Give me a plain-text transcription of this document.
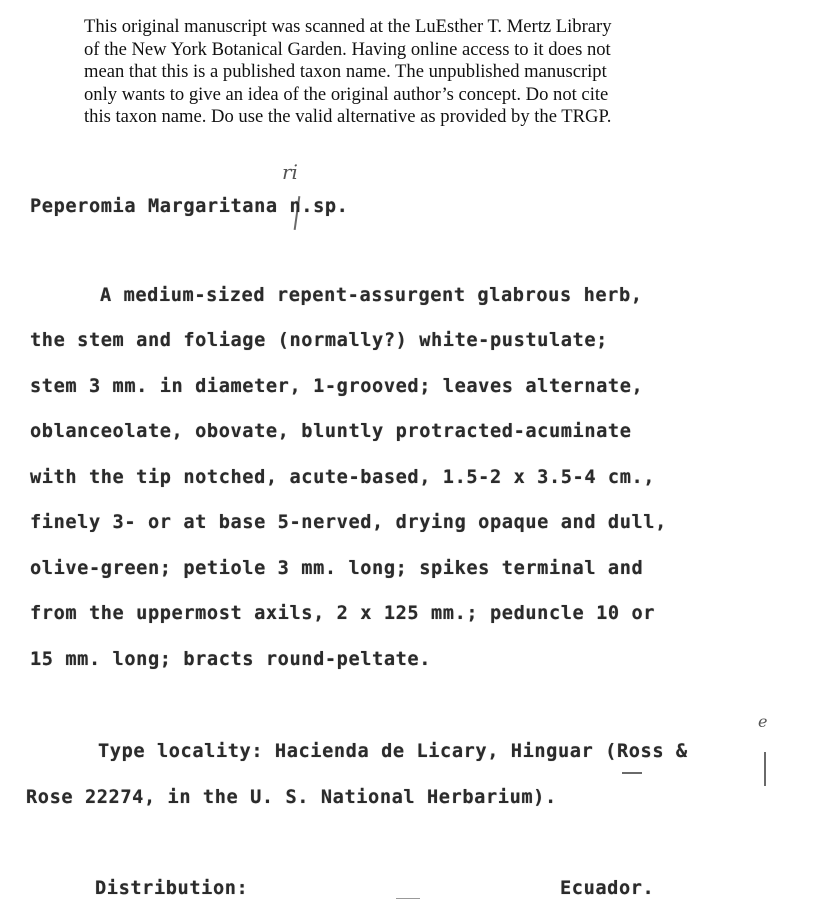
This original manuscript was scanned at the LuEsther T. Mertz Library
of the New York Botanical Garden. Having online access to it does not
mean that this is a published taxon name. The unpublished manuscript
only wants to give an idea of the original author’s concept. Do not cite
this taxon name. Do use the valid alternative as provided by the TRGP.
ri
Peperomia Margaritana n.sp.
A medium-sized repent-assurgent glabrous herb,
the stem and foliage (normally?) white-pustulate;
stem 3 mm. in diameter, 1-grooved; leaves alternate,
oblanceolate, obovate, bluntly protracted-acuminate
with the tip notched, acute-based, 1.5-2 x 3.5-4 cm.,
finely 3- or at base 5-nerved, drying opaque and dull,
olive-green; petiole 3 mm. long; spikes terminal and
from the uppermost axils, 2 x 125 mm.; peduncle 10 or
15 mm. long; bracts round-peltate.
e
Type locality: Hacienda de Licary, Hinguar (Ross &
Rose 22274, in the U. S. National Herbarium).
Distribution:	Ecuador.
